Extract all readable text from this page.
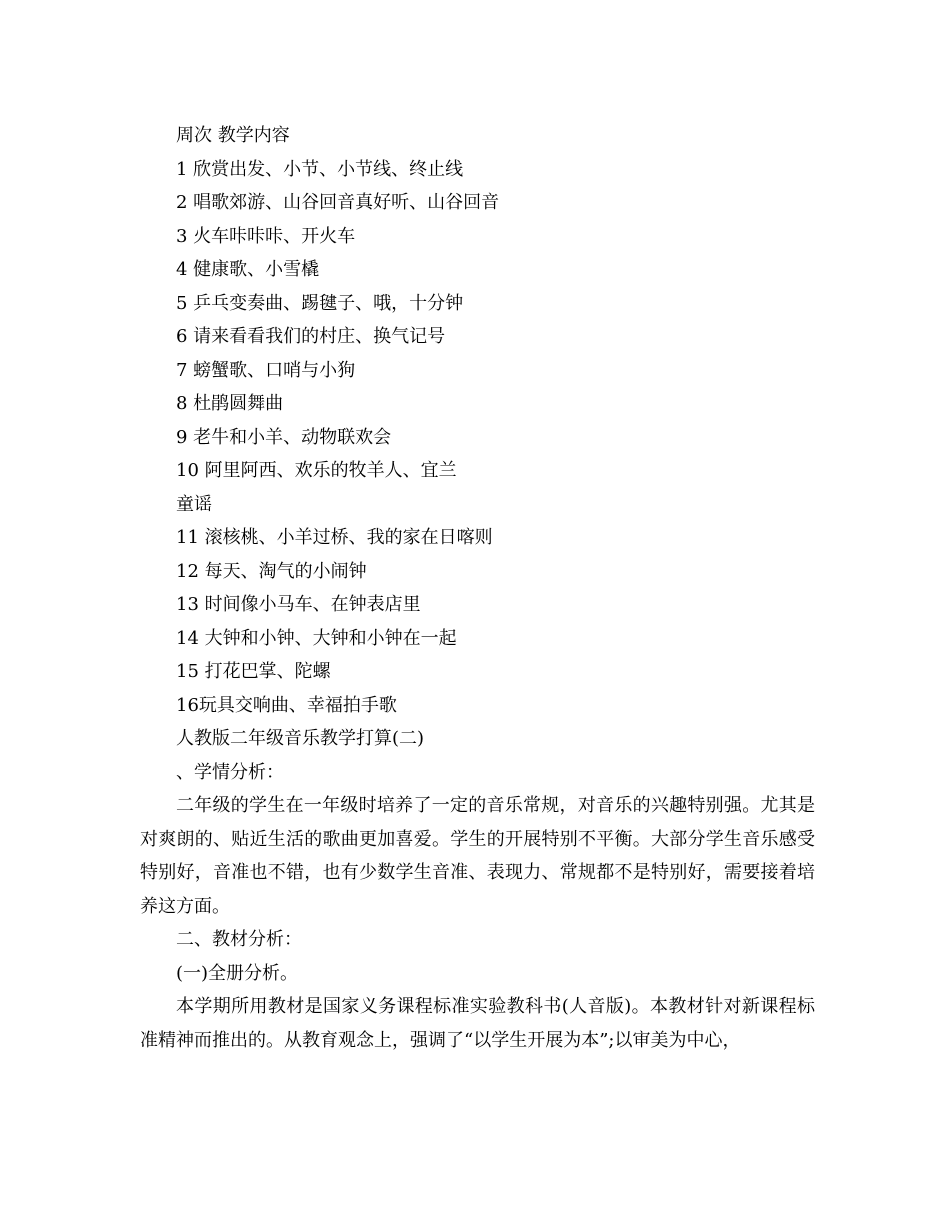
周次 教学内容
1 欣赏出发、小节、小节线、终止线
2 唱歌郊游、山谷回音真好听、山谷回音
3 火车咔咔咔、开火车
4 健康歌、小雪橇
5 乒乓变奏曲、踢毽子、哦，十分钟
6 请来看看我们的村庄、换气记号
7 螃蟹歌、口哨与小狗
8 杜鹃圆舞曲
9 老牛和小羊、动物联欢会
10 阿里阿西、欢乐的牧羊人、宜兰
童谣
11 滚核桃、小羊过桥、我的家在日喀则
12 每天、淘气的小闹钟
13 时间像小马车、在钟表店里
14 大钟和小钟、大钟和小钟在一起
15 打花巴掌、陀螺
16玩具交响曲、幸福拍手歌
人教版二年级音乐教学打算(二)
、学情分析：

二年级的学生在一年级时培养了一定的音乐常规，对音乐的兴趣特别强。尤其是对爽朗的、贴近生活的歌曲更加喜爱。学生的开展特别不平衡。大部分学生音乐感受特别好，音准也不错，也有少数学生音准、表现力、常规都不是特别好，需要接着培养这方面。

二、教材分析：
(一)全册分析。

本学期所用教材是国家义务课程标准实验教科书(人音版)。本教材针对新课程标准精神而推出的。从教育观念上，强调了“以学生开展为本”;以审美为中心，
